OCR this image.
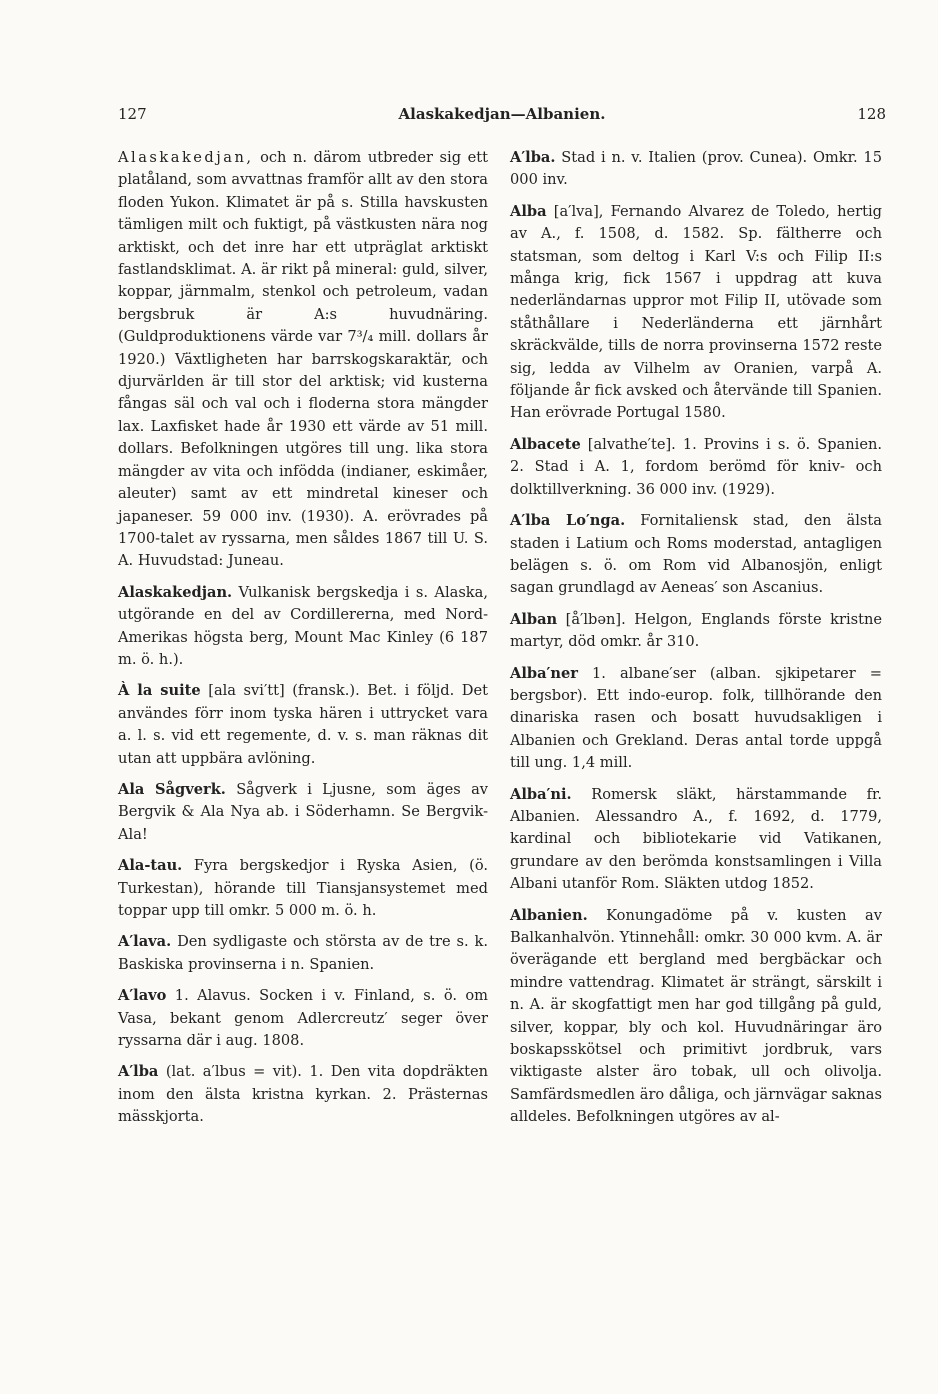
127	Alaskakedjan—Albanien.	128

Alaskakedjan, och n. därom utbreder sig ett platåland, som avvattnas framför allt av den stora floden Yukon. Klimatet är på s. Stilla havskusten tämligen milt och fuktigt, på västkusten nära nog arktiskt, och det inre har ett utpräglat arktiskt fastlandsklimat. A. är rikt på mineral: guld, silver, koppar, järnmalm, stenkol och petroleum, vadan bergsbruk är A:s huvudnäring. (Guldproduktionens värde var 7³/₄ mill. dollars år 1920.) Växtligheten har barrskogskaraktär, och djurvärlden är till stor del arktisk; vid kusterna fångas säl och val och i floderna stora mängder lax. Laxfisket hade år 1930 ett värde av 51 mill. dollars. Befolkningen utgöres till ung. lika stora mängder av vita och infödda (indianer, eskimåer, aleuter) samt av ett mindretal kineser och japaneser. 59 000 inv. (1930). A. erövrades på 1700-talet av ryssarna, men såldes 1867 till U. S. A. Huvudstad: Juneau.

Alaskakedjan. Vulkanisk bergskedja i s. Alaska, utgörande en del av Cordillererna, med Nord-Amerikas högsta berg, Mount Mac Kinley (6 187 m. ö. h.).

À la suite [ala svi′tt] (fransk.). Bet. i följd. Det användes förr inom tyska hären i uttrycket vara a. l. s. vid ett regemente, d. v. s. man räknas dit utan att uppbära avlöning.

Ala Sågverk. Sågverk i Ljusne, som äges av Bergvik & Ala Nya ab. i Söderhamn. Se Bergvik-Ala!

Ala-tau. Fyra bergskedjor i Ryska Asien, (ö. Turkestan), hörande till Tiansjansystemet med toppar upp till omkr. 5 000 m. ö. h.

A′lava. Den sydligaste och största av de tre s. k. Baskiska provinserna i n. Spanien.

A′lavo 1. Alavus. Socken i v. Finland, s. ö. om Vasa, bekant genom Adlercreutz′ seger över ryssarna där i aug. 1808.

A′lba (lat. a′lbus = vit). 1. Den vita dopdräkten inom den älsta kristna kyrkan. 2. Prästernas mässkjorta.

A′lba. Stad i n. v. Italien (prov. Cunea). Omkr. 15 000 inv.

Alba [a′lva], Fernando Alvarez de Toledo, hertig av A., f. 1508, d. 1582. Sp. fältherre och statsman, som deltog i Karl V:s och Filip II:s många krig, fick 1567 i uppdrag att kuva nederländarnas uppror mot Filip II, utövade som ståthållare i Nederländerna ett järnhårt skräckvälde, tills de norra provinserna 1572 reste sig, ledda av Vilhelm av Oranien, varpå A. följande år fick avsked och återvände till Spanien. Han erövrade Portugal 1580.

Albacete [alvathe′te]. 1. Provins i s. ö. Spanien. 2. Stad i A. 1, fordom berömd för kniv- och dolktillverkning. 36 000 inv. (1929).

A′lba Lo′nga. Fornitaliensk stad, den älsta staden i Latium och Roms moderstad, antagligen belägen s. ö. om Rom vid Albanosjön, enligt sagan grundlagd av Aeneas′ son Ascanius.

Alban [å′lbən]. Helgon, Englands förste kristne martyr, död omkr. år 310.

Alba′ner 1. albane′ser (alban. sjkipetarer = bergsbor). Ett indo-europ. folk, tillhörande den dinariska rasen och bosatt huvudsakligen i Albanien och Grekland. Deras antal torde uppgå till ung. 1,4 mill.

Alba′ni. Romersk släkt, härstammande fr. Albanien. Alessandro A., f. 1692, d. 1779, kardinal och bibliotekarie vid Vatikanen, grundare av den berömda konstsamlingen i Villa Albani utanför Rom. Släkten utdog 1852.

Albanien. Konungadöme på v. kusten av Balkanhalvön. Ytinnehåll: omkr. 30 000 kvm. A. är överägande ett bergland med bergbäckar och mindre vattendrag. Klimatet är strängt, särskilt i n. A. är skogfattigt men har god tillgång på guld, silver, koppar, bly och kol. Huvudnäringar äro boskapsskötsel och primitivt jordbruk, vars viktigaste alster äro tobak, ull och olivolja. Samfärdsmedlen äro dåliga, och järnvägar saknas alldeles. Befolkningen utgöres av al-
